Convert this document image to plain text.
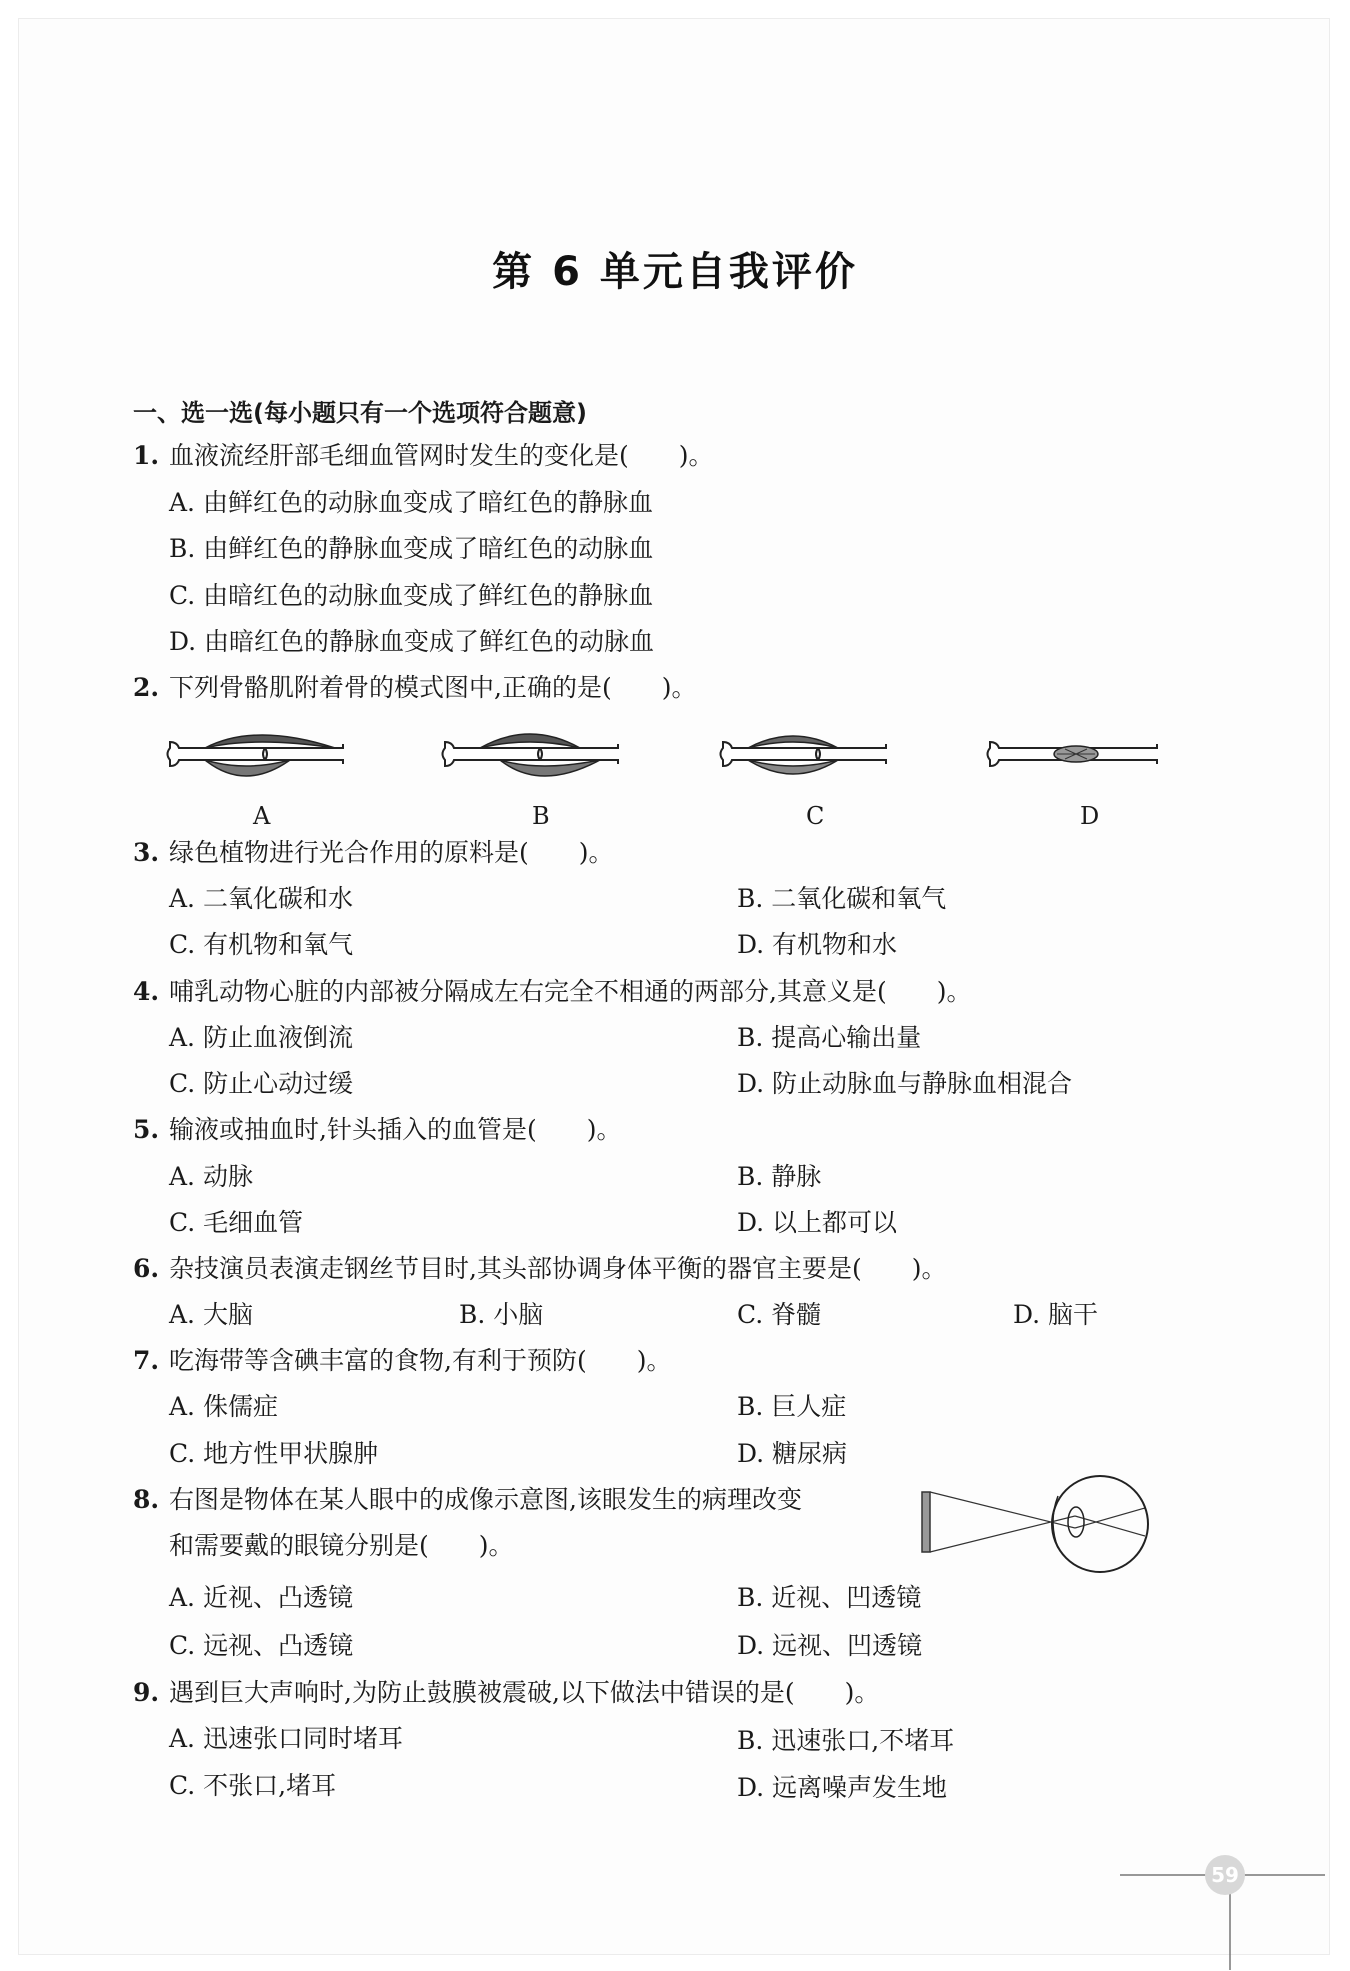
第 6 单元自我评价
一、选一选(每小题只有一个选项符合题意)
1. 血液流经肝部毛细血管网时发生的变化是(　　)。
A. 由鲜红色的动脉血变成了暗红色的静脉血
B. 由鲜红色的静脉血变成了暗红色的动脉血
C. 由暗红色的动脉血变成了鲜红色的静脉血
D. 由暗红色的静脉血变成了鲜红色的动脉血
2. 下列骨骼肌附着骨的模式图中,正确的是(　　)。
A	B	C	D
3. 绿色植物进行光合作用的原料是(　　)。
A. 二氧化碳和水	B. 二氧化碳和氧气
C. 有机物和氧气	D. 有机物和水
4. 哺乳动物心脏的内部被分隔成左右完全不相通的两部分,其意义是(　　)。
A. 防止血液倒流	B. 提高心输出量
C. 防止心动过缓	D. 防止动脉血与静脉血相混合
5. 输液或抽血时,针头插入的血管是(　　)。
A. 动脉	B. 静脉
C. 毛细血管	D. 以上都可以
6. 杂技演员表演走钢丝节目时,其头部协调身体平衡的器官主要是(　　)。
A. 大脑	B. 小脑	C. 脊髓	D. 脑干
7. 吃海带等含碘丰富的食物,有利于预防(　　)。
A. 侏儒症	B. 巨人症
C. 地方性甲状腺肿	D. 糖尿病
8. 右图是物体在某人眼中的成像示意图,该眼发生的病理改变
和需要戴的眼镜分别是(　　)。
A. 近视、凸透镜	B. 近视、凹透镜
C. 远视、凸透镜	D. 远视、凹透镜
9. 遇到巨大声响时,为防止鼓膜被震破,以下做法中错误的是(　　)。
A. 迅速张口同时堵耳	B. 迅速张口,不堵耳
C. 不张口,堵耳	D. 远离噪声发生地
59
